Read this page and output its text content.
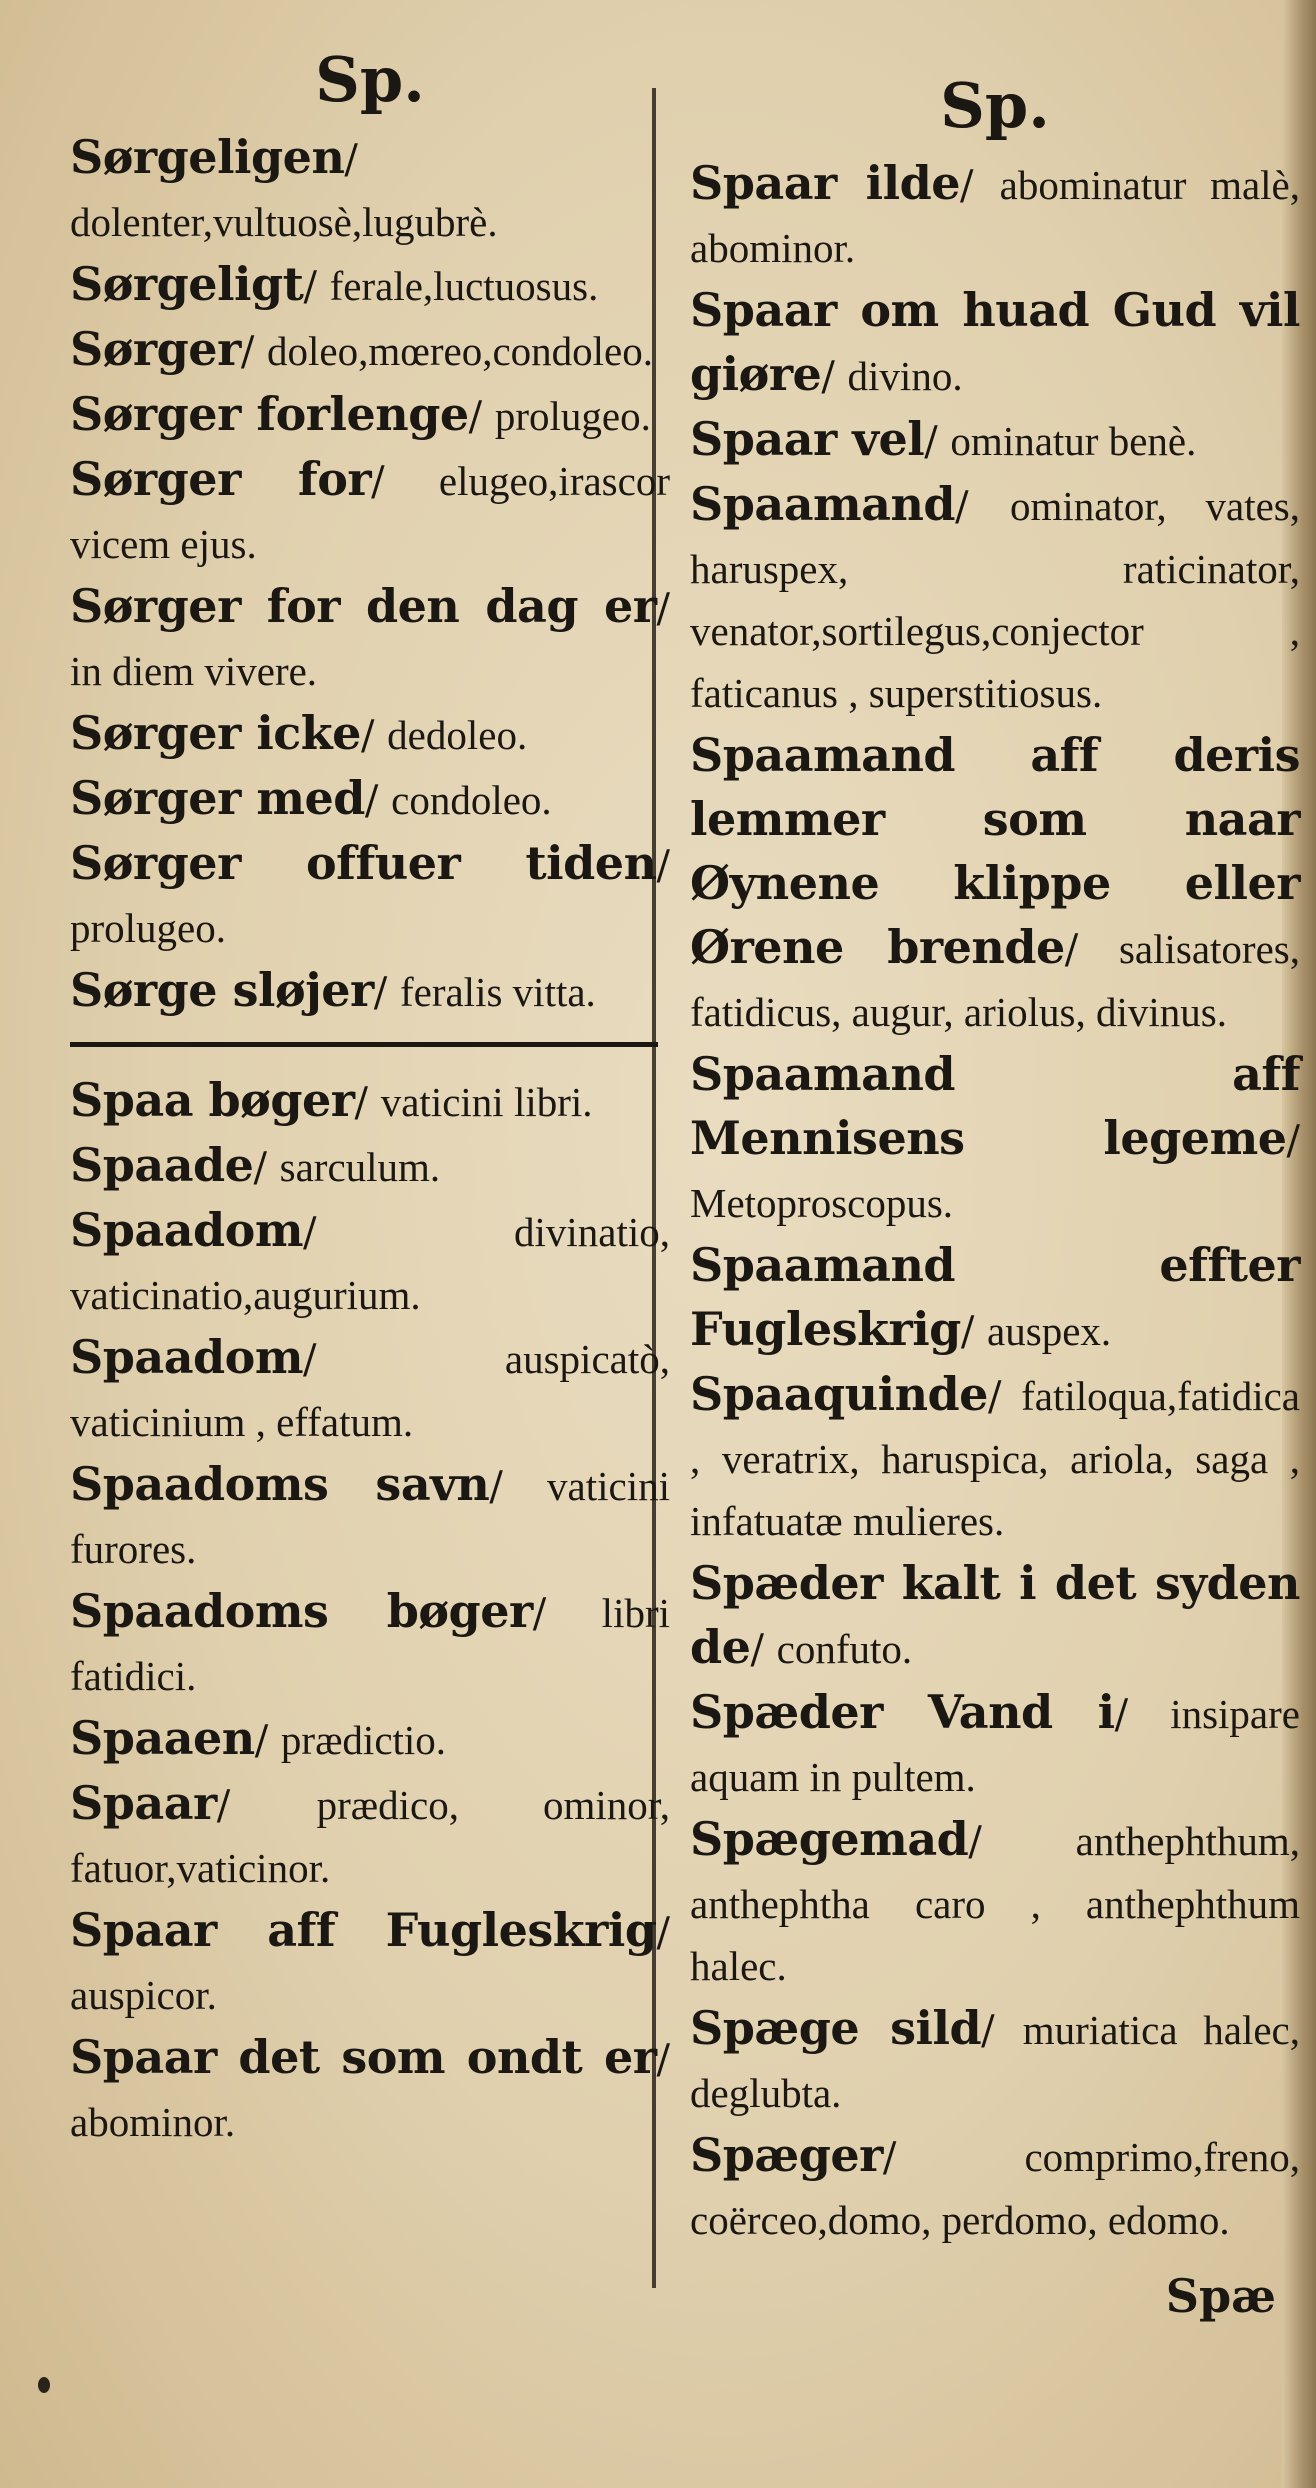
Sp.
Sørgeligen/ dolenter,vultuosè,lugubrè.
Sørgeligt/ ferale,luctuosus.
Sørger/ doleo,mœreo,condoleo.
Sørger forlenge/ prolugeo.
Sørger for/ elugeo,irascor vicem ejus.
Sørger for den dag er/ in diem vivere.
Sørger icke/ dedoleo.
Sørger med/ condoleo.
Sørger offuer tiden/ prolugeo.
Sørge sløjer/ feralis vitta.
Spaa bøger/ vaticini libri.
Spaade/ sarculum.
Spaadom/ divinatio, vaticinatio,augurium.
Spaadom/ auspicatò, vaticinium , effatum.
Spaadoms savn/ vaticini furores.
Spaadoms bøger/ libri fatidici.
Spaaen/ prædictio.
Spaar/ prædico, ominor, fatuor,vaticinor.
Spaar aff Fugleskrig/ auspicor.
Spaar det som ondt er/ abominor.
Sp.
Spaar ilde/ abominatur malè, abominor.
Spaar om huad Gud vil giøre/ divino.
Spaar vel/ ominatur benè.
Spaamand/ ominator, vates, haruspex, raticinator, venator,sortilegus,conjector , faticanus , superstitiosus.
Spaamand aff deris lemmer som naar Øynene klippe eller Ørene brende/ salisatores, fatidicus, augur, ariolus, divinus.
Spaamand aff Mennisens legeme/ Metoproscopus.
Spaamand effter Fugleskrig/ auspex.
Spaaquinde/ fatiloqua,fatidica , veratrix, haruspica, ariola, saga , infatuatæ mulieres.
Spæder kalt i det syden de/ confuto.
Spæder Vand i/ insipare aquam in pultem.
Spægemad/ anthephthum, anthephtha caro , anthephthum halec.
Spæge sild/ muriatica halec, deglubta.
Spæger/ comprimo,freno, coërceo,domo, perdomo, edomo.
Spæ
